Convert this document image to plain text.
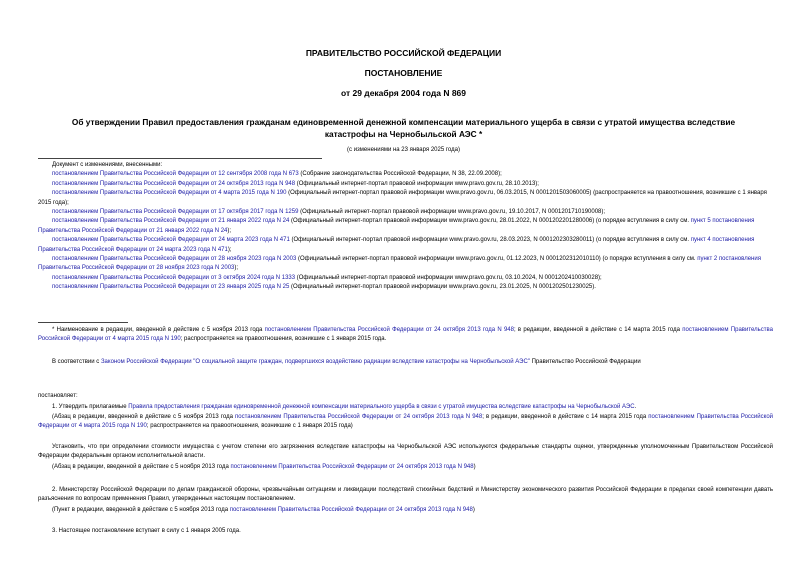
ПРАВИТЕЛЬСТВО РОССИЙСКОЙ ФЕДЕРАЦИИ
ПОСТАНОВЛЕНИЕ
от 29 декабря 2004 года N 869
Об утверждении Правил предоставления гражданам единовременной денежной компенсации материального ущерба в связи с утратой имущества вследствие
катастрофы на Чернобыльской АЭС *
(с изменениями на 23 января 2025 года)
Документ с изменениями, внесенными:
постановлением Правительства Российской Федерации от 12 сентября 2008 года N 673 (Собрание законодательства Российской Федерации, N 38, 22.09.2008);
постановлением Правительства Российской Федерации от 24 октября 2013 года N 948 (Официальный интернет-портал правовой информации www.pravo.gov.ru, 28.10.2013);
постановлением Правительства Российской Федерации от 4 марта 2015 года N 190 (Официальный интернет-портал правовой информации www.pravo.gov.ru, 06.03.2015, N 0001201503060005) (распространяется на правоотношения, возникшие с 1 января 2015 года);
постановлением Правительства Российской Федерации от 17 октября 2017 года N 1259 (Официальный интернет-портал правовой информации www.pravo.gov.ru, 19.10.2017, N 0001201710190008);
постановлением Правительства Российской Федерации от 21 января 2022 года N 24 (Официальный интернет-портал правовой информации www.pravo.gov.ru, 28.01.2022, N 0001202201280006) (о порядке вступления в силу см. пункт 5 постановления Правительства Российской Федерации от 21 января 2022 года N 24);
постановлением Правительства Российской Федерации от 24 марта 2023 года N 471 (Официальный интернет-портал правовой информации www.pravo.gov.ru, 28.03.2023, N 0001202303280011) (о порядке вступления в силу см. пункт 4 постановления Правительства Российской Федерации от 24 марта 2023 года N 471);
постановлением Правительства Российской Федерации от 28 ноября 2023 года N 2003 (Официальный интернет-портал правовой информации www.pravo.gov.ru, 01.12.2023, N 0001202312010110) (о порядке вступления в силу см. пункт 2 постановления Правительства Российской Федерации от 28 ноября 2023 года N 2003);
постановлением Правительства Российской Федерации от 3 октября 2024 года N 1333 (Официальный интернет-портал правовой информации www.pravo.gov.ru, 03.10.2024, N 0001202410030028);
постановлением Правительства Российской Федерации от 23 января 2025 года N 25 (Официальный интернет-портал правовой информации www.pravo.gov.ru, 23.01.2025, N 0001202501230025).
* Наименование в редакции, введенной в действие с 5 ноября 2013 года постановлением Правительства Российской Федерации от 24 октября 2013 года N 948; в редакции, введенной в действие с 14 марта 2015 года постановлением Правительства Российской Федерации от 4 марта 2015 года N 190; распространяется на правоотношения, возникшие с 1 января 2015 года.
В соответствии с Законом Российской Федерации "О социальной защите граждан, подвергшихся воздействию радиации вследствие катастрофы на Чернобыльской АЭС" Правительство Российской Федерации
постановляет:
1. Утвердить прилагаемые Правила предоставления гражданам единовременной денежной компенсации материального ущерба в связи с утратой имущества вследствие катастрофы на Чернобыльской АЭС.
(Абзац в редакции, введенной в действие с 5 ноября 2013 года постановлением Правительства Российской Федерации от 24 октября 2013 года N 948; в редакции, введенной в действие с 14 марта 2015 года постановлением Правительства Российской Федерации от 4 марта 2015 года N 190; распространяется на правоотношения, возникшие с 1 января 2015 года)
Установить, что при определении стоимости имущества с учетом степени его загрязнения вследствие катастрофы на Чернобыльской АЭС используются федеральные стандарты оценки, утвержденные уполномоченным Правительством Российской Федерации федеральным органом исполнительной власти.
(Абзац в редакции, введенной в действие с 5 ноября 2013 года постановлением Правительства Российской Федерации от 24 октября 2013 года N 948)
2. Министерству Российской Федерации по делам гражданской обороны, чрезвычайным ситуациям и ликвидации последствий стихийных бедствий и Министерству экономического развития Российской Федерации в пределах своей компетенции давать разъяснения по вопросам применения Правил, утвержденных настоящим постановлением.
(Пункт в редакции, введенной в действие с 5 ноября 2013 года постановлением Правительства Российской Федерации от 24 октября 2013 года N 948)
3. Настоящее постановление вступает в силу с 1 января 2005 года.
